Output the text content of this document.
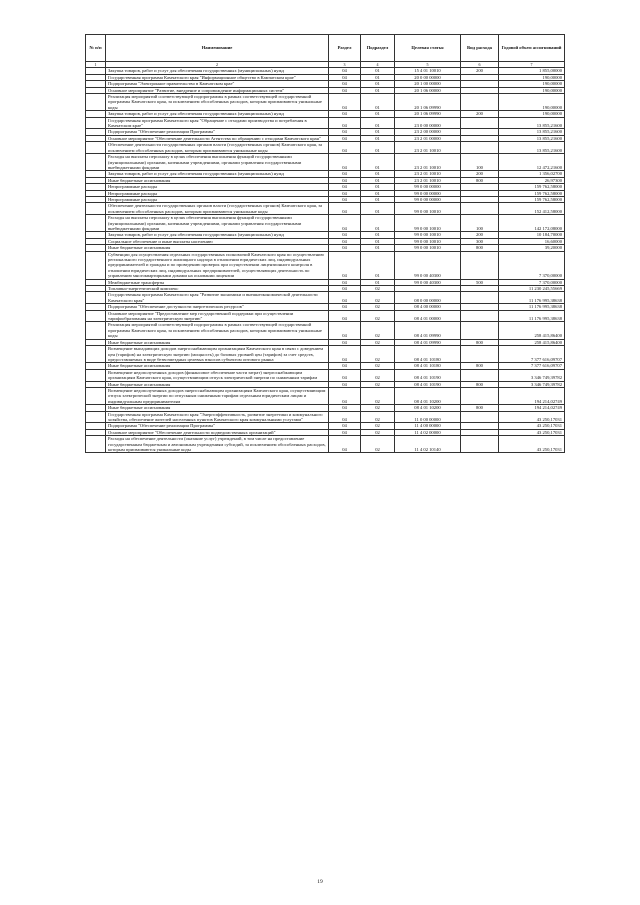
№ п/п	Наименование	Раздел	Подраздел	Целевая статья	Вид расхода	Годовой объем ассигнований
1	2	3	4	5	6	7
	Закупка товаров, работ и услуг для обеспечения государственных (муниципальных) нужд	04	01	15 4 01 10010	200	1 855,00000
	Государственная программа Камчатского края "Информационное общество в Камчатском крае"	04	01	20 0 00 00000		190,00000
	Подпрограмма "Электронное правительство в Камчатском крае"	04	01	20 1 00 00000		190,00000
	Основное мероприятие "Развитие, внедрение и сопровождение информационных систем"	04	01	20 1 06 00000		190,00000
	Реализация мероприятий соответствующей подпрограммы в рамках соответствующей государственной программы Камчатского края, за исключением обособленных расходов, которым присваиваются уникальные коды	04	01	20 1 06 09990		190,00000
	Закупка товаров, работ и услуг для обеспечения государственных (муниципальных) нужд	04	01	20 1 06 09990	200	190,00000
	Государственная программа Камчатского края "Обращение с отходами производства и потребления в Камчатском крае"	04	01	23 0 00 00000		13 855,21600
	Подпрограмма "Обеспечение реализации Программы"	04	01	23 2 00 00000		13 855,21600
	Основное мероприятие "Обеспечение деятельности Агентства по обращению с отходами Камчатского края"	04	01	23 2 01 00000		13 855,21600
	Обеспечение деятельности государственных органов власти (государственных органов) Камчатского края, за исключением обособленных расходов, которым присваиваются уникальные коды	04	01	23 2 01 10010		13 855,21600
	Расходы на выплаты персоналу в целях обеспечения выполнения функций государственными (муниципальными) органами, казенными учреждениями, органами управления государственными внебюджетными фондами	04	01	23 2 01 10010	100	12 472,21600
	Закупка товаров, работ и услуг для обеспечения государственных (муниципальных) нужд	04	01	23 2 01 10010	200	1 356,02700
	Иные бюджетные ассигнования	04	01	23 2 01 10010	800	26,97300
	Непрограммные расходы	04	01	99 0 00 00000		159 762,58000
	Непрограммные расходы	04	01	99 0 00 00000		159 762,58000
	Непрограммные расходы	04	01	99 0 00 00000		159 762,58000
	Обеспечение деятельности государственных органов власти (государственных органов) Камчатского края, за исключением обособленных расходов, которым присваиваются уникальные коды	04	01	99 0 00 10010		152 412,58000
	Расходы на выплаты персоналу в целях обеспечения выполнения функций государственными (муниципальными) органами, казенными учреждениями, органами управления государственными внебюджетными фондами	04	01	99 0 00 10010	100	142 172,08000
	Закупка товаров, работ и услуг для обеспечения государственных (муниципальных) нужд	04	01	99 0 00 10010	200	10 184,70000
	Социальное обеспечение и иные выплаты населению	04	01	99 0 00 10010	300	16,60000
	Иные бюджетные ассигнования	04	01	99 0 00 10010	800	39,20000
	Субвенции для осуществления отдельных государственных полномочий Камчатского края по осуществлению регионального государственного жилищного надзора в отношении юридических лиц, индивидуальных предпринимателей и граждан и по проведению проверок при осуществлении лицензионного контроля в отношении юридических лиц, индивидуальных предпринимателей, осуществляющих деятельность по управлению многоквартирными домами на основании лицензии	04	01	99 0 00 40300		7 370,00000
	Межбюджетные трансферты	04	01	99 0 00 40300	500	7 370,00000
	Топливно-энергетический комплекс	04	02			11 230 245,55669
	Государственная программа Камчатского края "Развитие экономики и внешнеэкономической деятельности Камчатского края"	04	02	08 0 00 00000		11 176 995,38638
	Подпрограмма "Обеспечение доступности энергетических ресурсов"	04	02	08 4 00 00000		11 176 995,38638
	Основное мероприятие "Предоставление мер государственной поддержки при осуществлении тарифообразования на электрическую энергию"	04	02	08 4 01 00000		11 176 995,38638
	Реализация мероприятий соответствующей подпрограммы в рамках соответствующей государственной программы Камчатского края, за исключением обособленных расходов, которым присваиваются уникальные коды	04	02	08 4 01 09990		258 415,86400
	Иные бюджетные ассигнования	04	02	08 4 01 09990	800	258 415,86400
	Возмещение выпадающих доходов энергоснабжающим организациям Камчатского края в связи с доведением цен (тарифов) на электрическую энергию (мощность) до базовых уровней цен (тарифов) за счет средств, предоставляемых в виде безвозмездных целевых взносов субъектом оптового рынка	04	02	08 4 01 10180		7 377 616,09707
	Иные бюджетные ассигнования	04	02	08 4 01 10180	800	7 377 616,09707
	Возмещение недополученных доходов (финансовое обеспечение части затрат) энергоснабжающим организациям Камчатского края, осуществляющим отпуск электрической энергии по сниженным тарифам	04	02	08 4 01 10190		3 346 749,39782
	Иные бюджетные ассигнования	04	02	08 4 01 10190	800	3 346 749,39782
	Возмещение недополученных доходов энергоснабжающим организациям Камчатского края, осуществляющим отпуск электрической энергии по отпускным сниженным тарифам отдельным юридическим лицам и индивидуальным предпринимателям	04	02	08 4 01 10200		194 214,02749
	Иные бюджетные ассигнования	04	02	08 4 01 10200	800	194 214,02749
	Государственная программа Камчатского края "Энергоэффективность, развитие энергетики и коммунального хозяйства, обеспечение жителей населенных пунктов Камчатского края коммунальными услугами"	04	02	11 0 00 00000		43 250,17031
	Подпрограмма "Обеспечение реализации Программы"	04	02	11 4 00 00000		43 250,17031
	Основное мероприятие "Обеспечение деятельности подведомственных организаций"	04	02	11 4 02 00000		43 250,17031
	Расходы на обеспечение деятельности (оказание услуг) учреждений, в том числе на предоставление государственным бюджетным и автономным учреждениям субсидий, за исключением обособленных расходов, которым присваиваются уникальные коды	04	02	11 4 02 10140		43 250,17031
19
